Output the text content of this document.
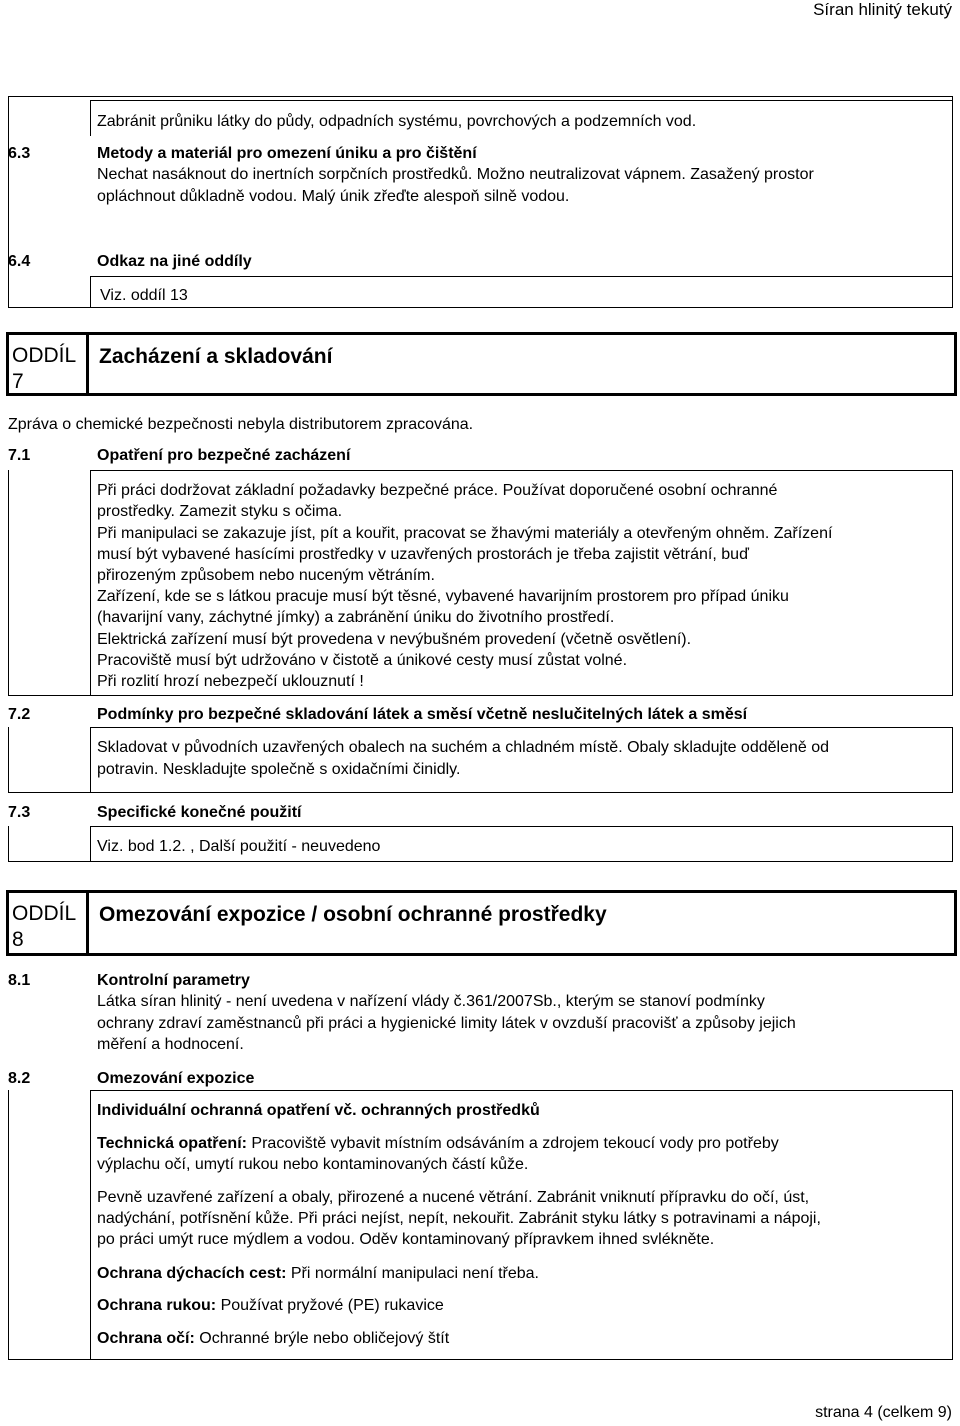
Síran hlinitý tekutý
Zabránit průniku látky do půdy, odpadních systému, povrchových a podzemních vod.
6.3	Metody a materiál pro omezení úniku a pro čištění
Nechat nasáknout do inertních sorpčních prostředků. Možno neutralizovat vápnem. Zasažený prostor
opláchnout důkladně vodou. Malý únik zřeďte alespoň silně vodou.
6.4	Odkaz na jiné oddíly
Viz. oddíl 13
ODDÍL
7
Zacházení a skladování
Zpráva o chemické bezpečnosti nebyla distributorem zpracována.
7.1	Opatření pro bezpečné zacházení
Při práci dodržovat základní požadavky bezpečné práce. Používat doporučené osobní ochranné
prostředky. Zamezit styku s očima.
Při manipulaci se zakazuje jíst, pít a kouřit, pracovat se žhavými materiály a otevřeným ohněm. Zařízení
musí být vybavené hasícími prostředky v uzavřených prostorách je třeba zajistit větrání, buď
přirozeným způsobem nebo nuceným větráním.
Zařízení, kde se s látkou pracuje musí být těsné, vybavené havarijním prostorem pro případ úniku
(havarijní vany, záchytné jímky) a zabránění úniku do životního prostředí.
Elektrická zařízení musí být provedena v nevýbušném provedení (včetně osvětlení).
Pracoviště musí být udržováno v čistotě a únikové cesty musí zůstat volné.
Při rozlití hrozí nebezpečí uklouznutí !
7.2	Podmínky pro bezpečné skladování látek a směsí včetně neslučitelných látek a směsí
Skladovat v původních uzavřených obalech na suchém a chladném místě. Obaly skladujte odděleně od
potravin. Neskladujte společně s oxidačními činidly.
7.3	Specifické konečné použití
Viz. bod 1.2. , Další použití - neuvedeno
ODDÍL
8
Omezování expozice / osobní ochranné prostředky
8.1	Kontrolní parametry
Látka síran hlinitý - není uvedena v nařízení vlády č.361/2007Sb., kterým se stanoví podmínky
ochrany zdraví zaměstnanců při práci a hygienické limity látek v ovzduší pracovišť a způsoby jejich
měření a hodnocení.
8.2	Omezování expozice
Individuální ochranná opatření vč. ochranných prostředků
Technická opatření: Pracoviště vybavit místním odsáváním a zdrojem tekoucí vody pro potřeby
výplachu očí, umytí rukou nebo kontaminovaných částí kůže.
Pevně uzavřené zařízení a obaly, přirozené a nucené větrání. Zabránit vniknutí přípravku do očí, úst,
nadýchání, potřísnění kůže. Při práci nejíst, nepít, nekouřit. Zabránit styku látky s potravinami a nápoji,
po práci umýt ruce mýdlem a vodou. Oděv kontaminovaný přípravkem ihned svlékněte.
Ochrana dýchacích cest: Při normální manipulaci není třeba.
Ochrana rukou: Používat pryžové (PE) rukavice
Ochrana očí: Ochranné brýle nebo obličejový štít
strana 4 (celkem 9)
